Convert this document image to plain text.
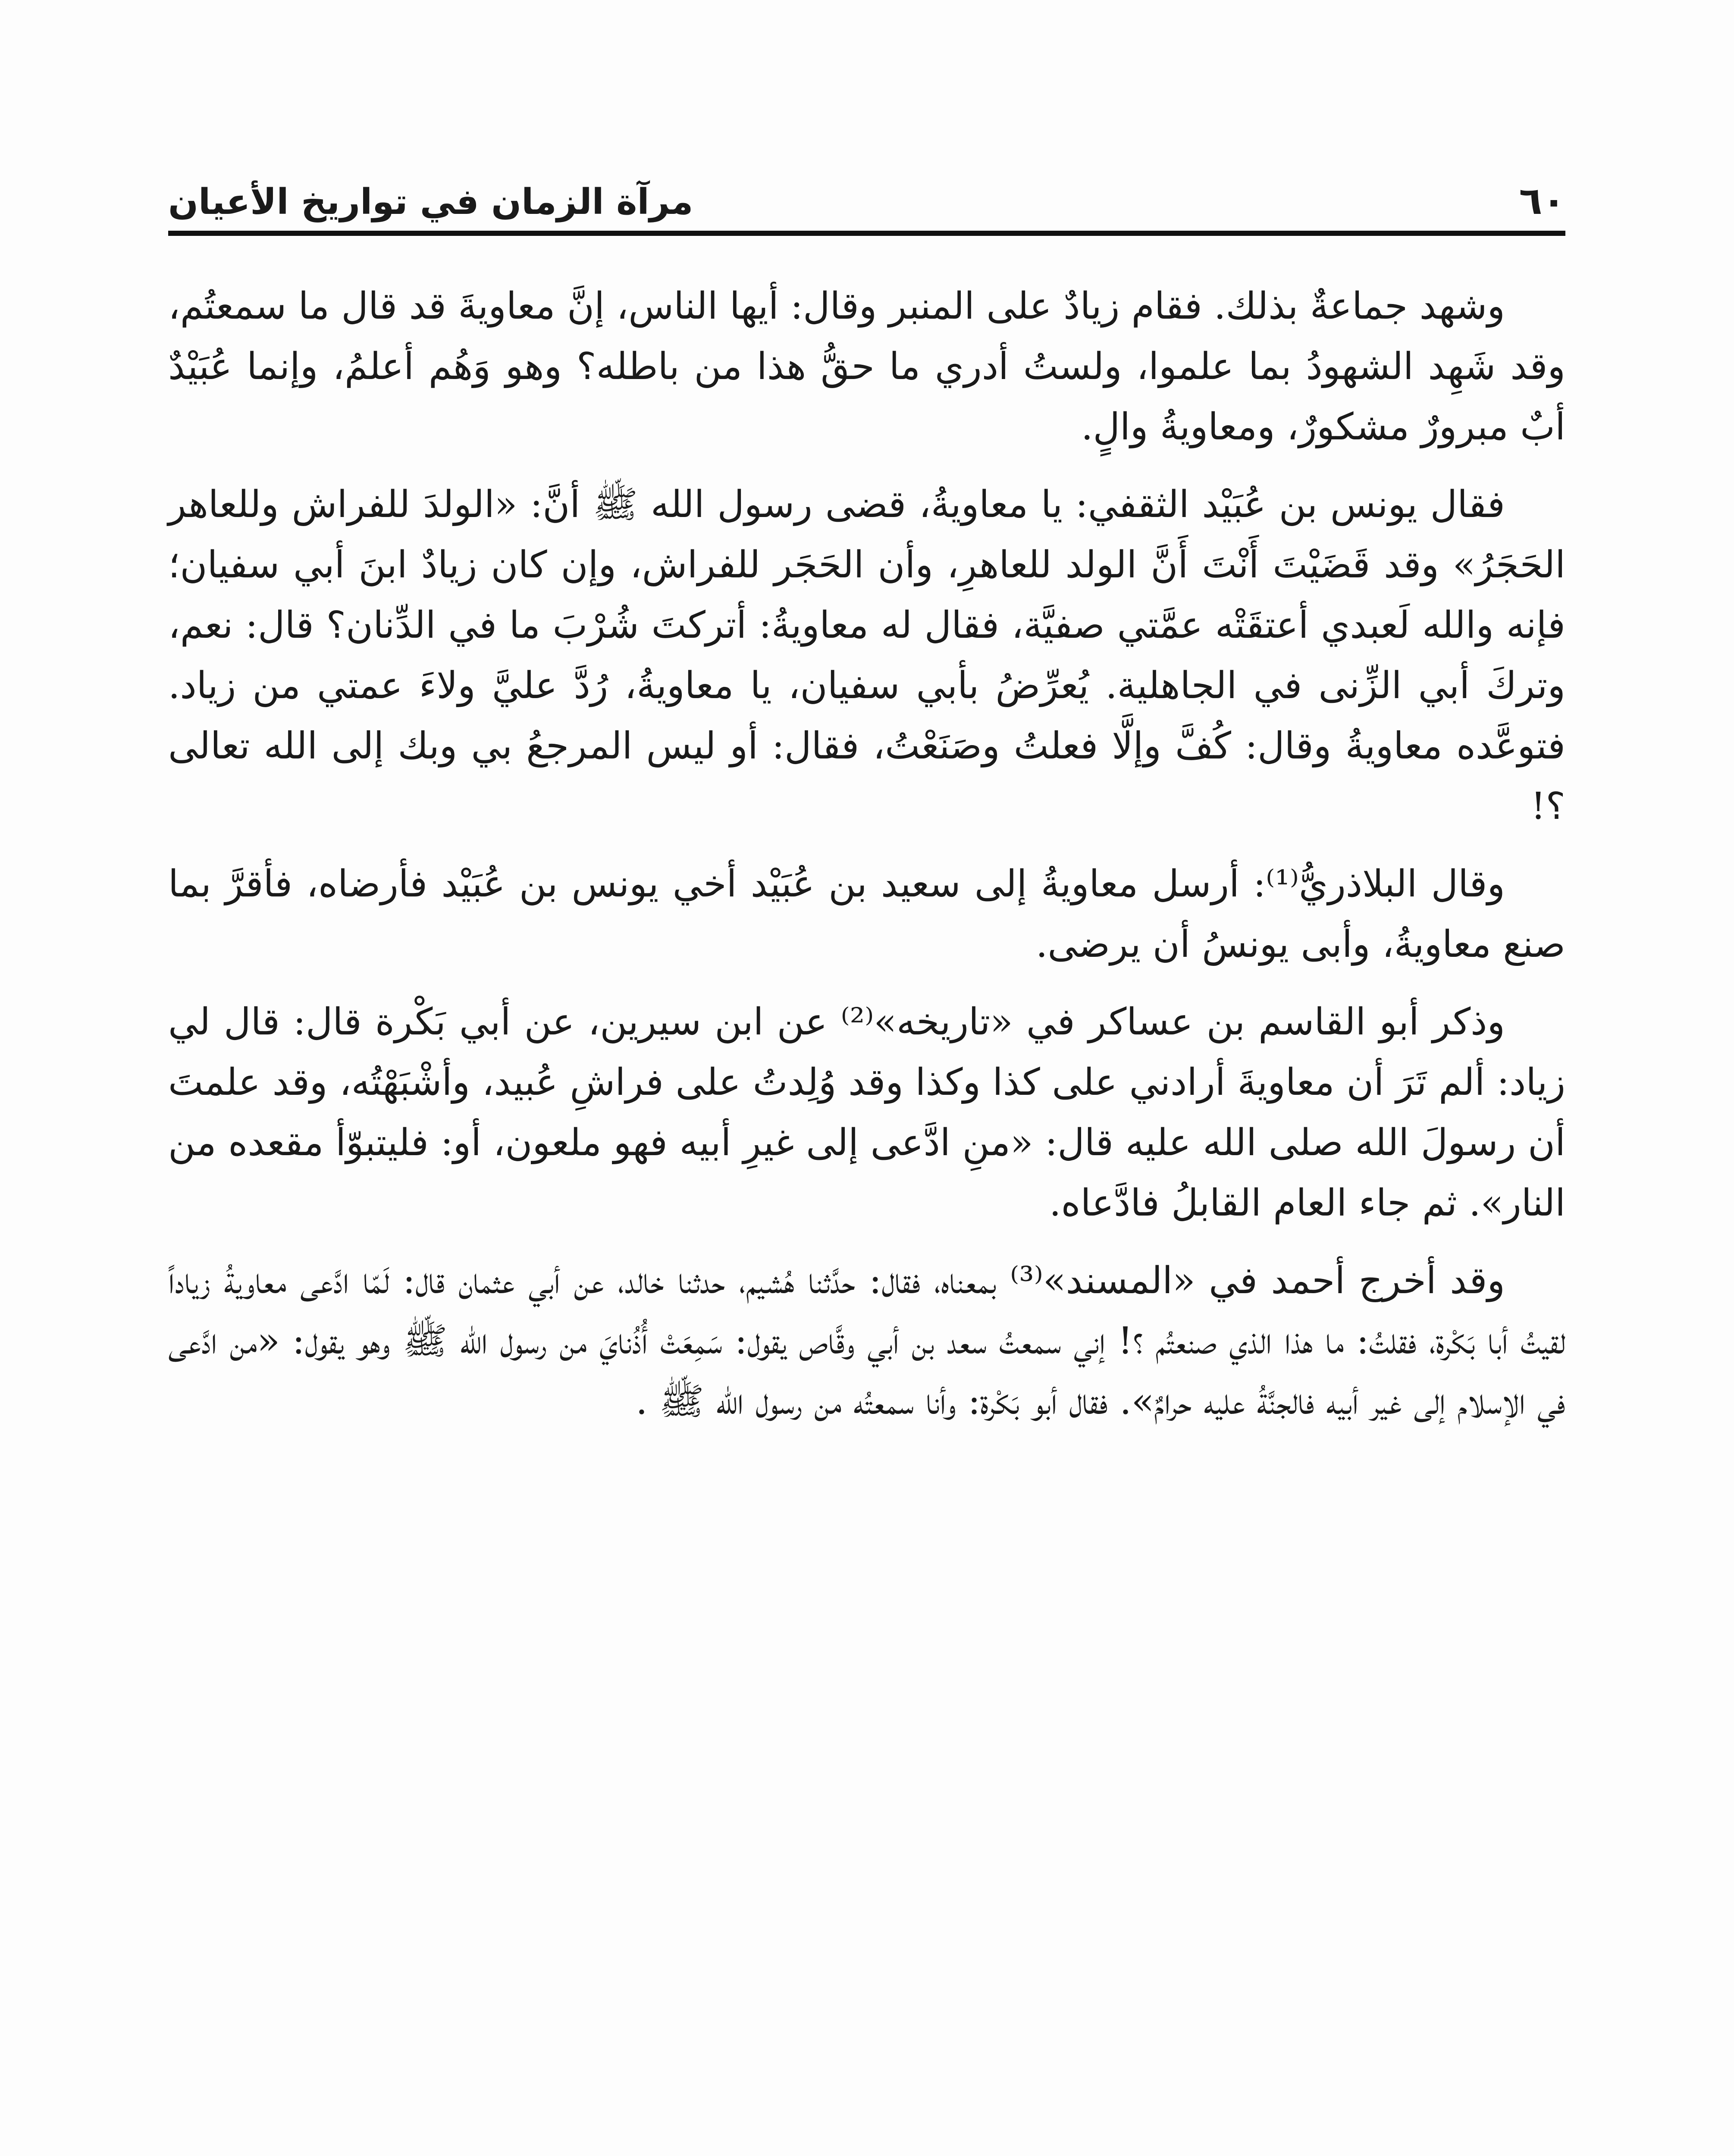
٦٠
مرآة الزمان في تواريخ الأعيان

وشهد جماعةٌ بذلك. فقام زيادٌ على المنبر وقال: أيها الناس، إنَّ معاويةَ قد قال ما سمعتُم، وقد شَهِد الشهودُ بما علموا، ولستُ أدري ما حقُّ هذا من باطله؟ وهو وَهُم أعلمُ، وإنما عُبَيْدٌ أبٌ مبرورٌ مشكورٌ، ومعاويةُ والٍ.

فقال يونس بن عُبَيْد الثقفي: يا معاويةُ، قضى رسول الله ﷺ أنَّ: «الولدَ للفراش وللعاهر الحَجَرُ» وقد قَضَيْتَ أَنْتَ أَنَّ الولد للعاهرِ، وأن الحَجَر للفراش، وإن كان زيادٌ ابنَ أبي سفيان؛ فإنه والله لَعبدي أعتقَتْه عمَّتي صفيَّة، فقال له معاويةُ: أتركتَ شُرْبَ ما في الدِّنان؟ قال: نعم، وتركَ أبي الزِّنى في الجاهلية. يُعرِّضُ بأبي سفيان، يا معاويةُ، رُدَّ عليَّ ولاءَ عمتي من زياد. فتوعَّده معاويةُ وقال: كُفَّ وإلَّا فعلتُ وصَنَعْتُ، فقال: أو ليس المرجعُ بي وبك إلى الله تعالى ؟!

وقال البلاذريُّ⁽¹⁾: أرسل معاويةُ إلى سعيد بن عُبَيْد أخي يونس بن عُبَيْد فأرضاه، فأقرَّ بما صنع معاويةُ، وأبى يونسُ أن يرضى.

وذكر أبو القاسم بن عساكر في «تاريخه»⁽²⁾ عن ابن سيرين، عن أبي بَكْرة قال: قال لي زياد: ألم تَرَ أن معاويةَ أرادني على كذا وكذا وقد وُلِدتُ على فراشِ عُبيد، وأشْبَهْتُه، وقد علمتَ أن رسولَ الله صلى الله عليه قال: «منِ ادَّعى إلى غيرِ أبيه فهو ملعون، أو: فليتبوّأ مقعده من النار». ثم جاء العام القابلُ فادَّعاه.

وقد أخرج أحمد في «المسند»⁽³⁾ بمعناه، فقال: حدَّثنا هُشيم، حدثنا خالد، عن أبي عثمان قال: لَمّا ادَّعى معاويةُ زياداً لقيتُ أبا بَكْرة، فقلتُ: ما هذا الذي صنعتُم ؟! إني سمعتُ سعد بن أبي وقَّاص يقول: سَمِعَتْ أُذُنايَ من رسول الله ﷺ وهو يقول: «من ادَّعى في الإسلام إلى غير أبيه فالجنَّةُ عليه حرامٌ». فقال أبو بَكْرة: وأنا سمعتُه من رسول الله ﷺ .
